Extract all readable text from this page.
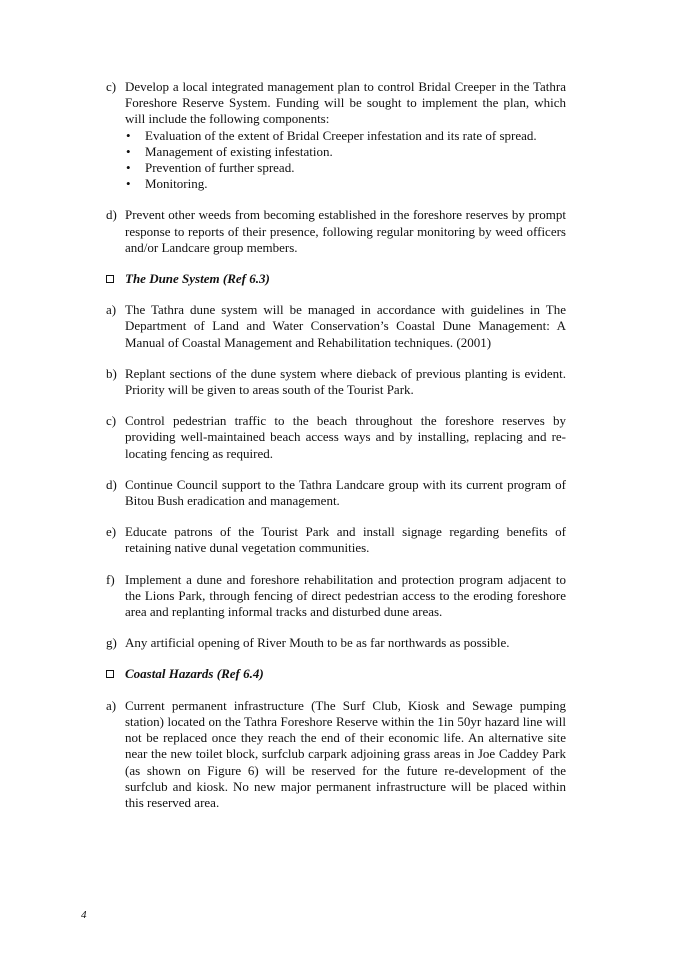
c) Develop a local integrated management plan to control Bridal Creeper in the Tathra Foreshore Reserve System. Funding will be sought to implement the plan, which will include the following components:
• Evaluation of the extent of Bridal Creeper infestation and its rate of spread.
• Management of existing infestation.
• Prevention of further spread.
• Monitoring.
d) Prevent other weeds from becoming established in the foreshore reserves by prompt response to reports of their presence, following regular monitoring by weed officers and/or Landcare group members.
The Dune System (Ref 6.3)
a) The Tathra dune system will be managed in accordance with guidelines in The Department of Land and Water Conservation’s Coastal Dune Management: A Manual of Coastal Management and Rehabilitation techniques. (2001)
b) Replant sections of the dune system where dieback of previous planting is evident. Priority will be given to areas south of the Tourist Park.
c) Control pedestrian traffic to the beach throughout the foreshore reserves by providing well-maintained beach access ways and by installing, replacing and re-locating fencing as required.
d) Continue Council support to the Tathra Landcare group with its current program of Bitou Bush eradication and management.
e) Educate patrons of the Tourist Park and install signage regarding benefits of retaining native dunal vegetation communities.
f) Implement a dune and foreshore rehabilitation and protection program adjacent to the Lions Park, through fencing of direct pedestrian access to the eroding foreshore area and replanting informal tracks and disturbed dune areas.
g) Any artificial opening of River Mouth to be as far northwards as possible.
Coastal Hazards (Ref 6.4)
a) Current permanent infrastructure (The Surf Club, Kiosk and Sewage pumping station) located on the Tathra Foreshore Reserve within the 1in 50yr hazard line will not be replaced once they reach the end of their economic life. An alternative site near the new toilet block, surfclub carpark adjoining grass areas in Joe Caddey Park (as shown on Figure 6) will be reserved for the future re-development of the surfclub and kiosk. No new major permanent infrastructure will be placed within this reserved area.
4
